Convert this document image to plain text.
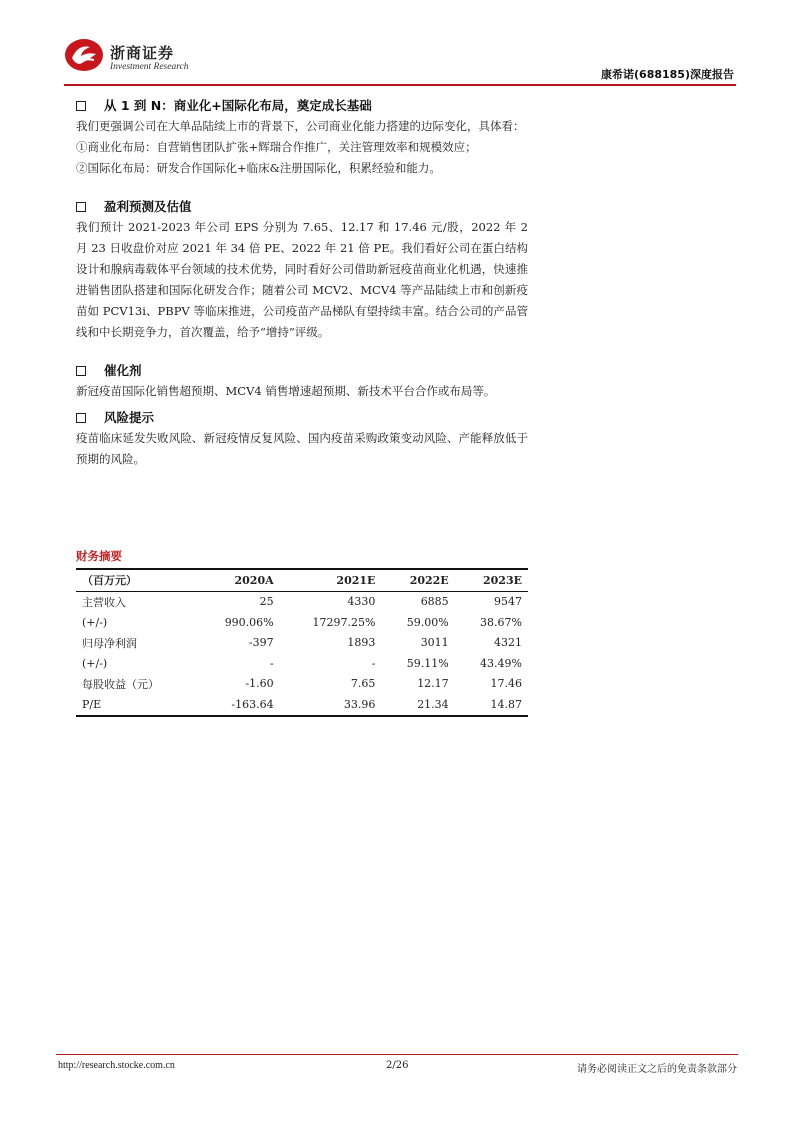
浙商证券
Investment Research
康希诺(688185)深度报告
从 1 到 N：商业化+国际化布局，奠定成长基础

我们更强调公司在大单品陆续上市的背景下，公司商业化能力搭建的边际变化，具体看：

①商业化布局：自营销售团队扩张+辉瑞合作推广，关注管理效率和规模效应；

②国际化布局：研发合作国际化+临床&注册国际化，积累经验和能力。

盈利预测及估值

我们预计 2021-2023 年公司 EPS 分别为 7.65、12.17 和 17.46 元/股，2022 年 2 月 23 日收盘价对应 2021 年 34 倍 PE、2022 年 21 倍 PE。我们看好公司在蛋白结构设计和腺病毒载体平台领域的技术优势，同时看好公司借助新冠疫苗商业化机遇，快速推进销售团队搭建和国际化研发合作；随着公司 MCV2、MCV4 等产品陆续上市和创新疫苗如 PCV13i、PBPV 等临床推进，公司疫苗产品梯队有望持续丰富。结合公司的产品管线和中长期竞争力，首次覆盖，给予“增持”评级。

催化剂

新冠疫苗国际化销售超预期、MCV4 销售增速超预期、新技术平台合作或布局等。

风险提示

疫苗临床延发失败风险、新冠疫情反复风险、国内疫苗采购政策变动风险、产能释放低于预期的风险。

财务摘要
（百万元）	2020A	2021E	2022E	2023E
主营收入	25	4330	6885	9547
(+/-)	990.06%	17297.25%	59.00%	38.67%
归母净利润	-397	1893	3011	4321
(+/-)	-	-	59.11%	43.49%
每股收益（元）	-1.60	7.65	12.17	17.46
P/E	-163.64	33.96	21.34	14.87
http://research.stocke.com.cn	2/26	请务必阅读正文之后的免责条款部分
